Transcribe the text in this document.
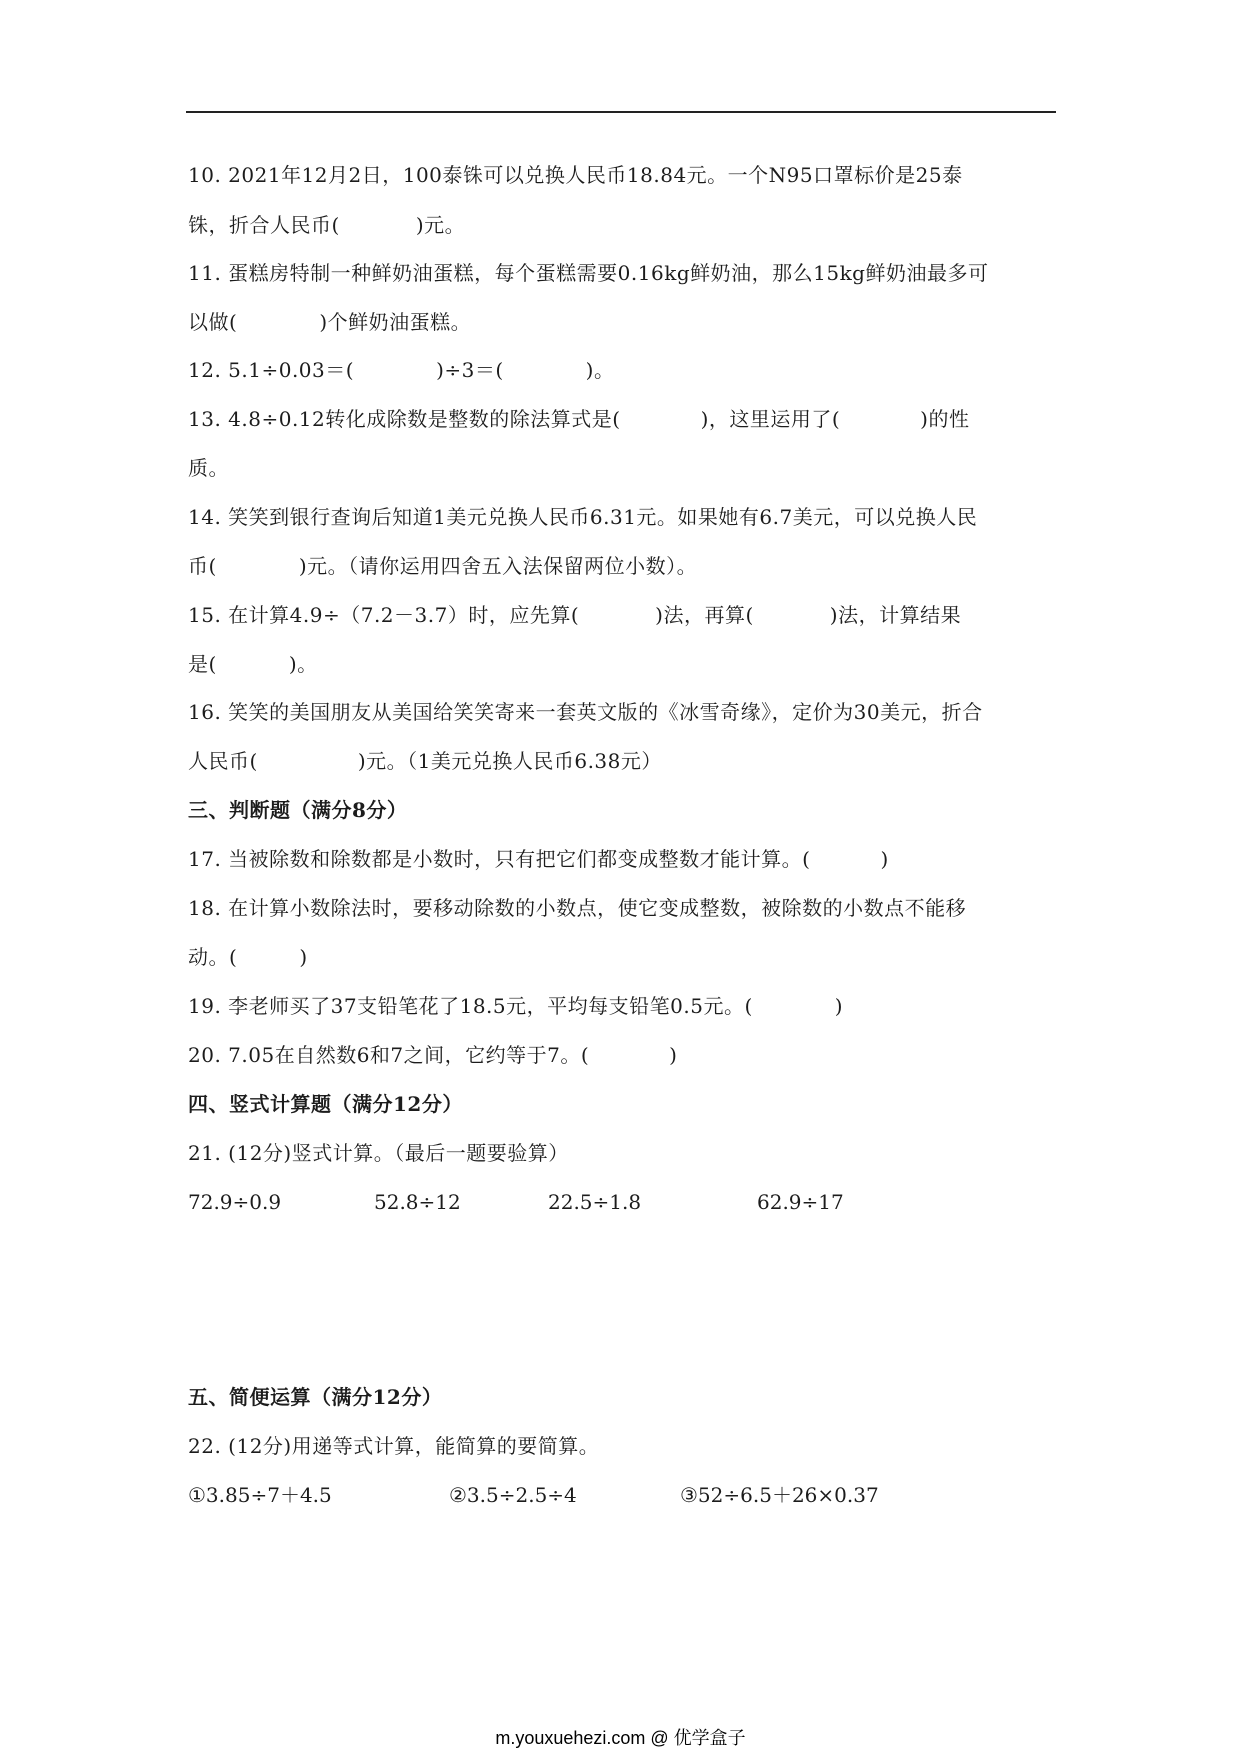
10. 2021年12月2日，100泰铢可以兑换人民币18.84元。一个N95口罩标价是25泰
铢，折合人民币(	)元。
11. 蛋糕房特制一种鲜奶油蛋糕，每个蛋糕需要0.16kg鲜奶油，那么15kg鲜奶油最多可
以做(	)个鲜奶油蛋糕。
12. 5.1÷0.03＝(	)÷3＝(	)。
13. 4.8÷0.12转化成除数是整数的除法算式是(	)，这里运用了(	)的性
质。
14. 笑笑到银行查询后知道1美元兑换人民币6.31元。如果她有6.7美元，可以兑换人民
币(	)元。（请你运用四舍五入法保留两位小数）。
15. 在计算4.9÷（7.2－3.7）时，应先算(	)法，再算(	)法，计算结果
是(	)。
16. 笑笑的美国朋友从美国给笑笑寄来一套英文版的《冰雪奇缘》，定价为30美元，折合
人民币(	)元。（1美元兑换人民币6.38元）
三、判断题（满分8分）
17. 当被除数和除数都是小数时，只有把它们都变成整数才能计算。(	)
18. 在计算小数除法时，要移动除数的小数点，使它变成整数，被除数的小数点不能移
动。(	)
19. 李老师买了37支铅笔花了18.5元，平均每支铅笔0.5元。(	)
20. 7.05在自然数6和7之间，它约等于7。(	)
四、竖式计算题（满分12分）
21. (12分)竖式计算。（最后一题要验算）
72.9÷0.9	52.8÷12	22.5÷1.8	62.9÷17
五、简便运算（满分12分）
22. (12分)用递等式计算，能简算的要简算。
①3.85÷7＋4.5	②3.5÷2.5÷4	③52÷6.5＋26×0.37
m.youxuehezi.com @ 优学盒子
